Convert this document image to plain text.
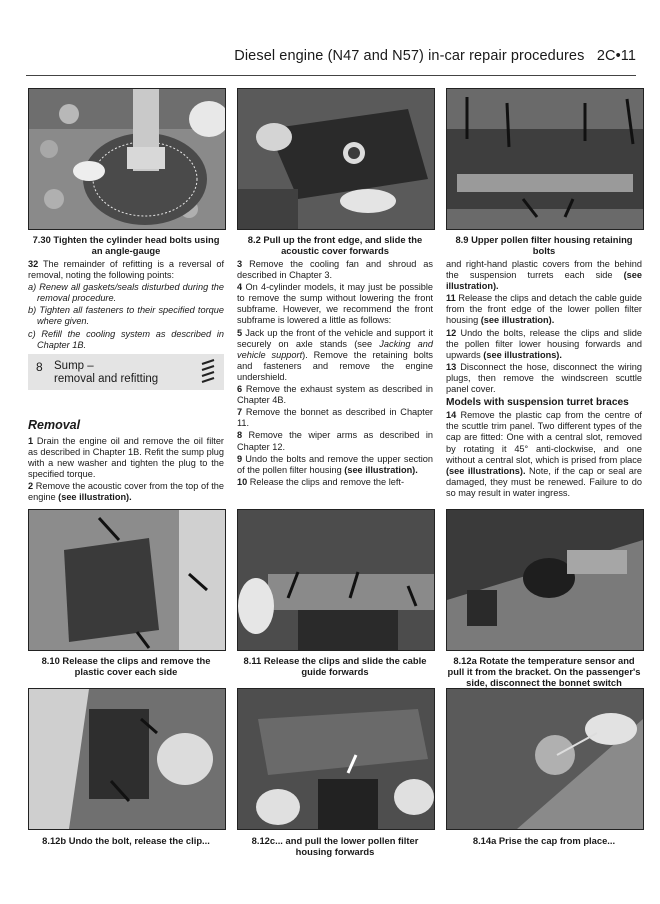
Diesel engine (N47 and N57) in-car repair procedures 2C•11
7.30 Tighten the cylinder head bolts using an angle-gauge
8.2 Pull up the front edge, and slide the acoustic cover forwards
8.9 Upper pollen filter housing retaining bolts

32 The remainder of refitting is a reversal of removal, noting the following points:

a) Renew all gaskets/seals disturbed during the removal procedure.

b) Tighten all fasteners to their specified torque where given.

c) Refill the cooling system as described in Chapter 1B.

8 Sump –
removal and refitting
Removal

1 Drain the engine oil and remove the oil filter as described in Chapter 1B. Refit the sump plug with a new washer and tighten the plug to the specified torque.

2 Remove the acoustic cover from the top of the engine (see illustration).

3 Remove the cooling fan and shroud as described in Chapter 3.

4 On 4-cylinder models, it may just be possible to remove the sump without lowering the front subframe. However, we recommend the front subframe is lowered a little as follows:

5 Jack up the front of the vehicle and support it securely on axle stands (see Jacking and vehicle support). Remove the retaining bolts and fasteners and remove the engine undershield.

6 Remove the exhaust system as described in Chapter 4B.

7 Remove the bonnet as described in Chapter 11.

8 Remove the wiper arms as described in Chapter 12.

9 Undo the bolts and remove the upper section of the pollen filter housing (see illustration).

10 Release the clips and remove the left-

and right-hand plastic covers from the behind the suspension turrets each side (see illustration).

11 Release the clips and detach the cable guide from the front edge of the lower pollen filter housing (see illustration).

12 Undo the bolts, release the clips and slide the pollen filter lower housing forwards and upwards (see illustrations).

13 Disconnect the hose, disconnect the wiring plugs, then remove the windscreen scuttle panel cover.

Models with suspension turret braces

14 Remove the plastic cap from the centre of the scuttle trim panel. Two different types of the cap are fitted: One with a central slot, removed by rotating it 45° anti-clockwise, and one without a central slot, which is prised from place (see illustrations). Note, if the cap or seal are damaged, they must be renewed. Failure to do so may result in water ingress.

8.10 Release the clips and remove the plastic cover each side
8.11 Release the clips and slide the cable guide forwards
8.12a Rotate the temperature sensor and pull it from the bracket. On the passenger's side, disconnect the bonnet switch
8.12b Undo the bolt, release the clip...	8.12c... and pull the lower pollen filter housing forwards
8.14a Prise the cap from place...
